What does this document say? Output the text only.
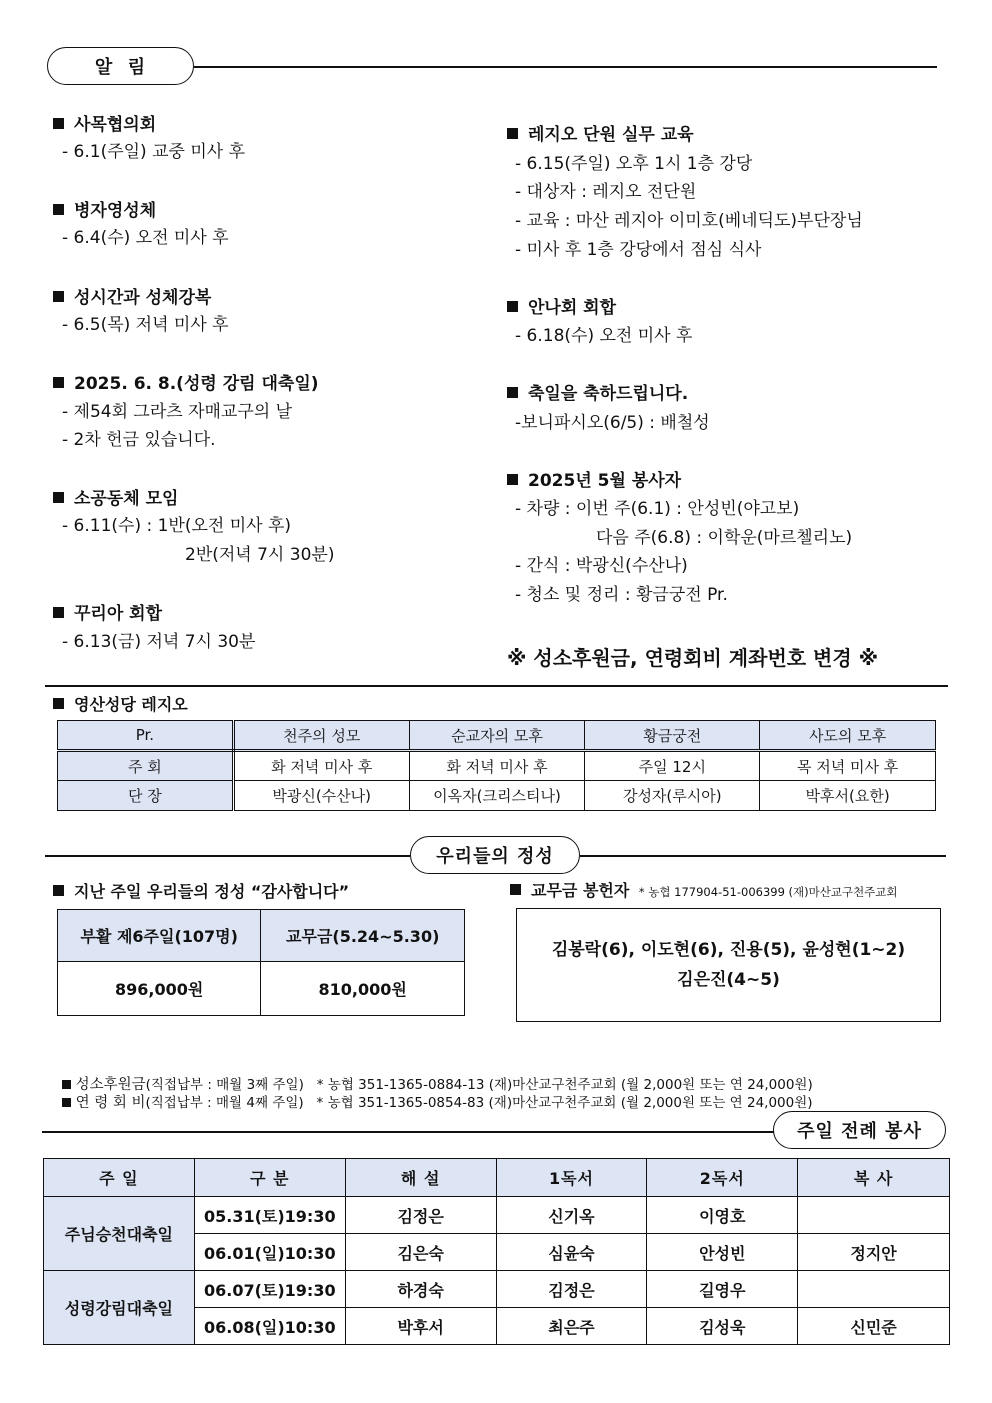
알  림
사목협의회
- 6.1(주일) 교중 미사 후
병자영성체
- 6.4(수) 오전 미사 후
성시간과 성체강복
- 6.5(목) 저녁 미사 후
2025. 6. 8.(성령 강림 대축일)
- 제54회 그라츠 자매교구의 날
- 2차 헌금 있습니다.
소공동체 모임
- 6.11(수) : 1반(오전 미사 후)
2반(저녁 7시 30분)
꾸리아 회합
- 6.13(금) 저녁 7시 30분
레지오 단원 실무 교육
- 6.15(주일) 오후 1시 1층 강당
- 대상자 : 레지오 전단원
- 교육 : 마산 레지아 이미호(베네딕도)부단장님
- 미사 후 1층 강당에서 점심 식사
안나회 회합
- 6.18(수) 오전 미사 후
축일을 축하드립니다.
-보니파시오(6/5) : 배철성
2025년 5월 봉사자
- 차량 : 이번 주(6.1) : 안성빈(야고보)
다음 주(6.8) : 이학운(마르첼리노)
- 간식 : 박광신(수산나)
- 청소 및 정리 : 황금궁전 Pr.
※ 성소후원금, 연령회비 계좌번호 변경 ※
영산성당 레지오
Pr.	천주의 성모	순교자의 모후	황금궁전	사도의 모후
주 회	화 저녁 미사 후	화 저녁 미사 후	주일 12시	목 저녁 미사 후
단 장	박광신(수산나)	이옥자(크리스티나)	강성자(루시아)	박후서(요한)
우리들의 정성
지난 주일 우리들의 정성 “감사합니다”
부활 제6주일(107명)	교무금(5.24~5.30)
896,000원	810,000원
교무금 봉헌자 * 농협 177904-51-006399 (재)마산교구천주교회
김봉락(6), 이도현(6), 진용(5), 윤성현(1~2)
김은진(4~5)

성소후원금(직접납부 : 매월 3째 주일) * 농협 351-1365-0884-13 (재)마산교구천주교회 (월 2,000원 또는 연 24,000원)

연 령 회 비(직접납부 : 매월 4째 주일) * 농협 351-1365-0854-83 (재)마산교구천주교회 (월 2,000원 또는 연 24,000원)

주일 전례 봉사
주 일	구 분	해 설	1독서	2독서	복 사
주님승천대축일	05.31(토)19:30	김정은	신기옥	이영호	
	06.01(일)10:30	김은숙	심윤숙	안성빈	정지안
성령강림대축일	06.07(토)19:30	하경숙	김정은	길영우	
	06.08(일)10:30	박후서	최은주	김성욱	신민준
